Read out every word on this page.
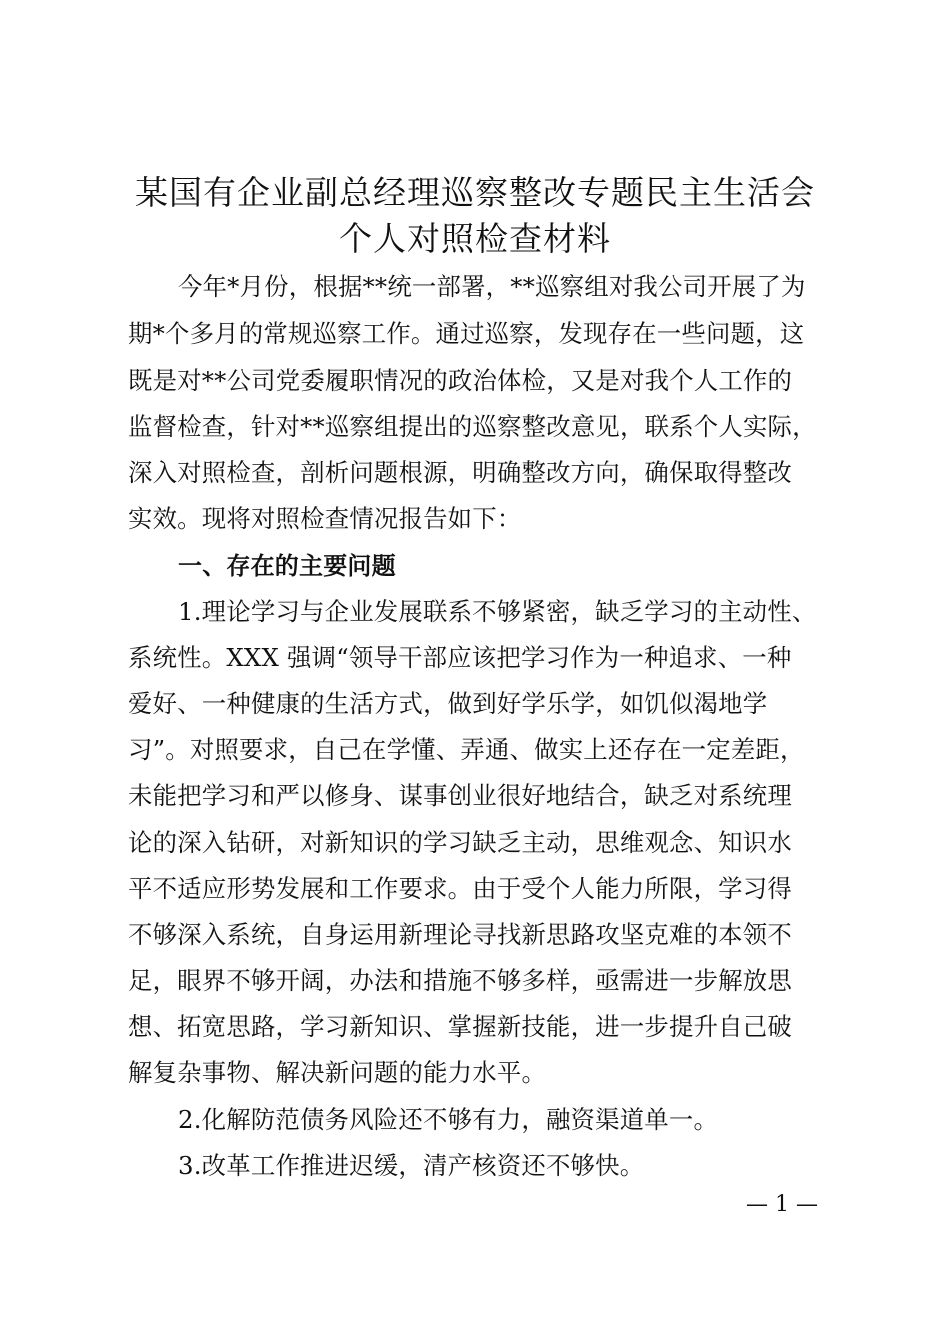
某国有企业副总经理巡察整改专题民主生活会
个人对照检查材料
今年*月份，根据**统一部署，**巡察组对我公司开展了为
期*个多月的常规巡察工作。通过巡察，发现存在一些问题，这
既是对**公司党委履职情况的政治体检，又是对我个人工作的
监督检查，针对**巡察组提出的巡察整改意见，联系个人实际，
深入对照检查，剖析问题根源，明确整改方向，确保取得整改
实效。现将对照检查情况报告如下：
一、存在的主要问题
1.理论学习与企业发展联系不够紧密，缺乏学习的主动性、
系统性。XXX 强调“领导干部应该把学习作为一种追求、一种
爱好、一种健康的生活方式，做到好学乐学，如饥似渴地学
习”。对照要求，自己在学懂、弄通、做实上还存在一定差距，
未能把学习和严以修身、谋事创业很好地结合，缺乏对系统理
论的深入钻研，对新知识的学习缺乏主动，思维观念、知识水
平不适应形势发展和工作要求。由于受个人能力所限，学习得
不够深入系统，自身运用新理论寻找新思路攻坚克难的本领不
足，眼界不够开阔，办法和措施不够多样，亟需进一步解放思
想、拓宽思路，学习新知识、掌握新技能，进一步提升自己破
解复杂事物、解决新问题的能力水平。
2.化解防范债务风险还不够有力，融资渠道单一。
3.改革工作推进迟缓，清产核资还不够快。
— 1 —
